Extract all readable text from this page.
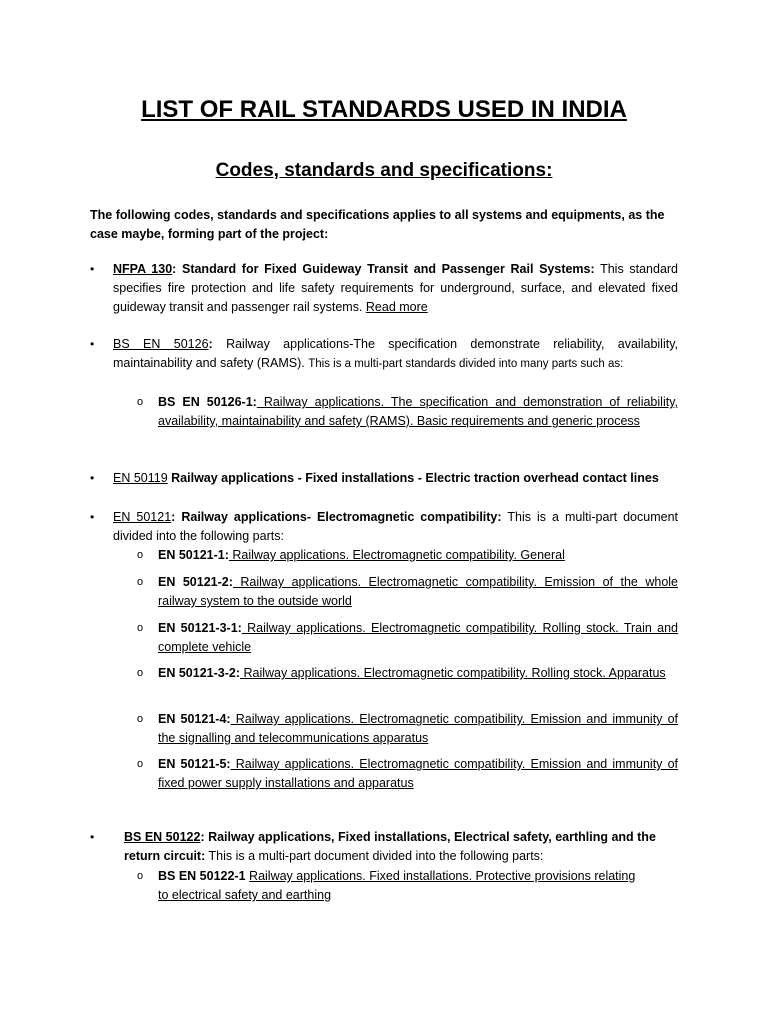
LIST OF RAIL STANDARDS USED IN INDIA
Codes, standards and specifications:
The following codes, standards and specifications applies to all systems and equipments, as the case maybe, forming part of the project:
• NFPA 130: Standard for Fixed Guideway Transit and Passenger Rail Systems: This standard specifies fire protection and life safety requirements for underground, surface, and elevated fixed guideway transit and passenger rail systems. Read more
• BS EN 50126: Railway applications-The specification demonstrate reliability, availability, maintainability and safety (RAMS). This is a multi-part standards divided into many parts such as:
o BS EN 50126-1: Railway applications. The specification and demonstration of reliability, availability, maintainability and safety (RAMS). Basic requirements and generic process
• EN 50119 Railway applications - Fixed installations - Electric traction overhead contact lines
• EN 50121: Railway applications- Electromagnetic compatibility: This is a multi-part document divided into the following parts:
o EN 50121-1: Railway applications. Electromagnetic compatibility. General
o EN 50121-2: Railway applications. Electromagnetic compatibility. Emission of the whole railway system to the outside world
o EN 50121-3-1: Railway applications. Electromagnetic compatibility. Rolling stock. Train and complete vehicle
o EN 50121-3-2: Railway applications. Electromagnetic compatibility. Rolling stock. Apparatus
o EN 50121-4: Railway applications. Electromagnetic compatibility. Emission and immunity of the signalling and telecommunications apparatus
o EN 50121-5: Railway applications. Electromagnetic compatibility. Emission and immunity of fixed power supply installations and apparatus
• BS EN 50122: Railway applications, Fixed installations, Electrical safety, earthling and the return circuit: This is a multi-part document divided into the following parts:
o BS EN 50122-1 Railway applications. Fixed installations. Protective provisions relating to electrical safety and earthing
